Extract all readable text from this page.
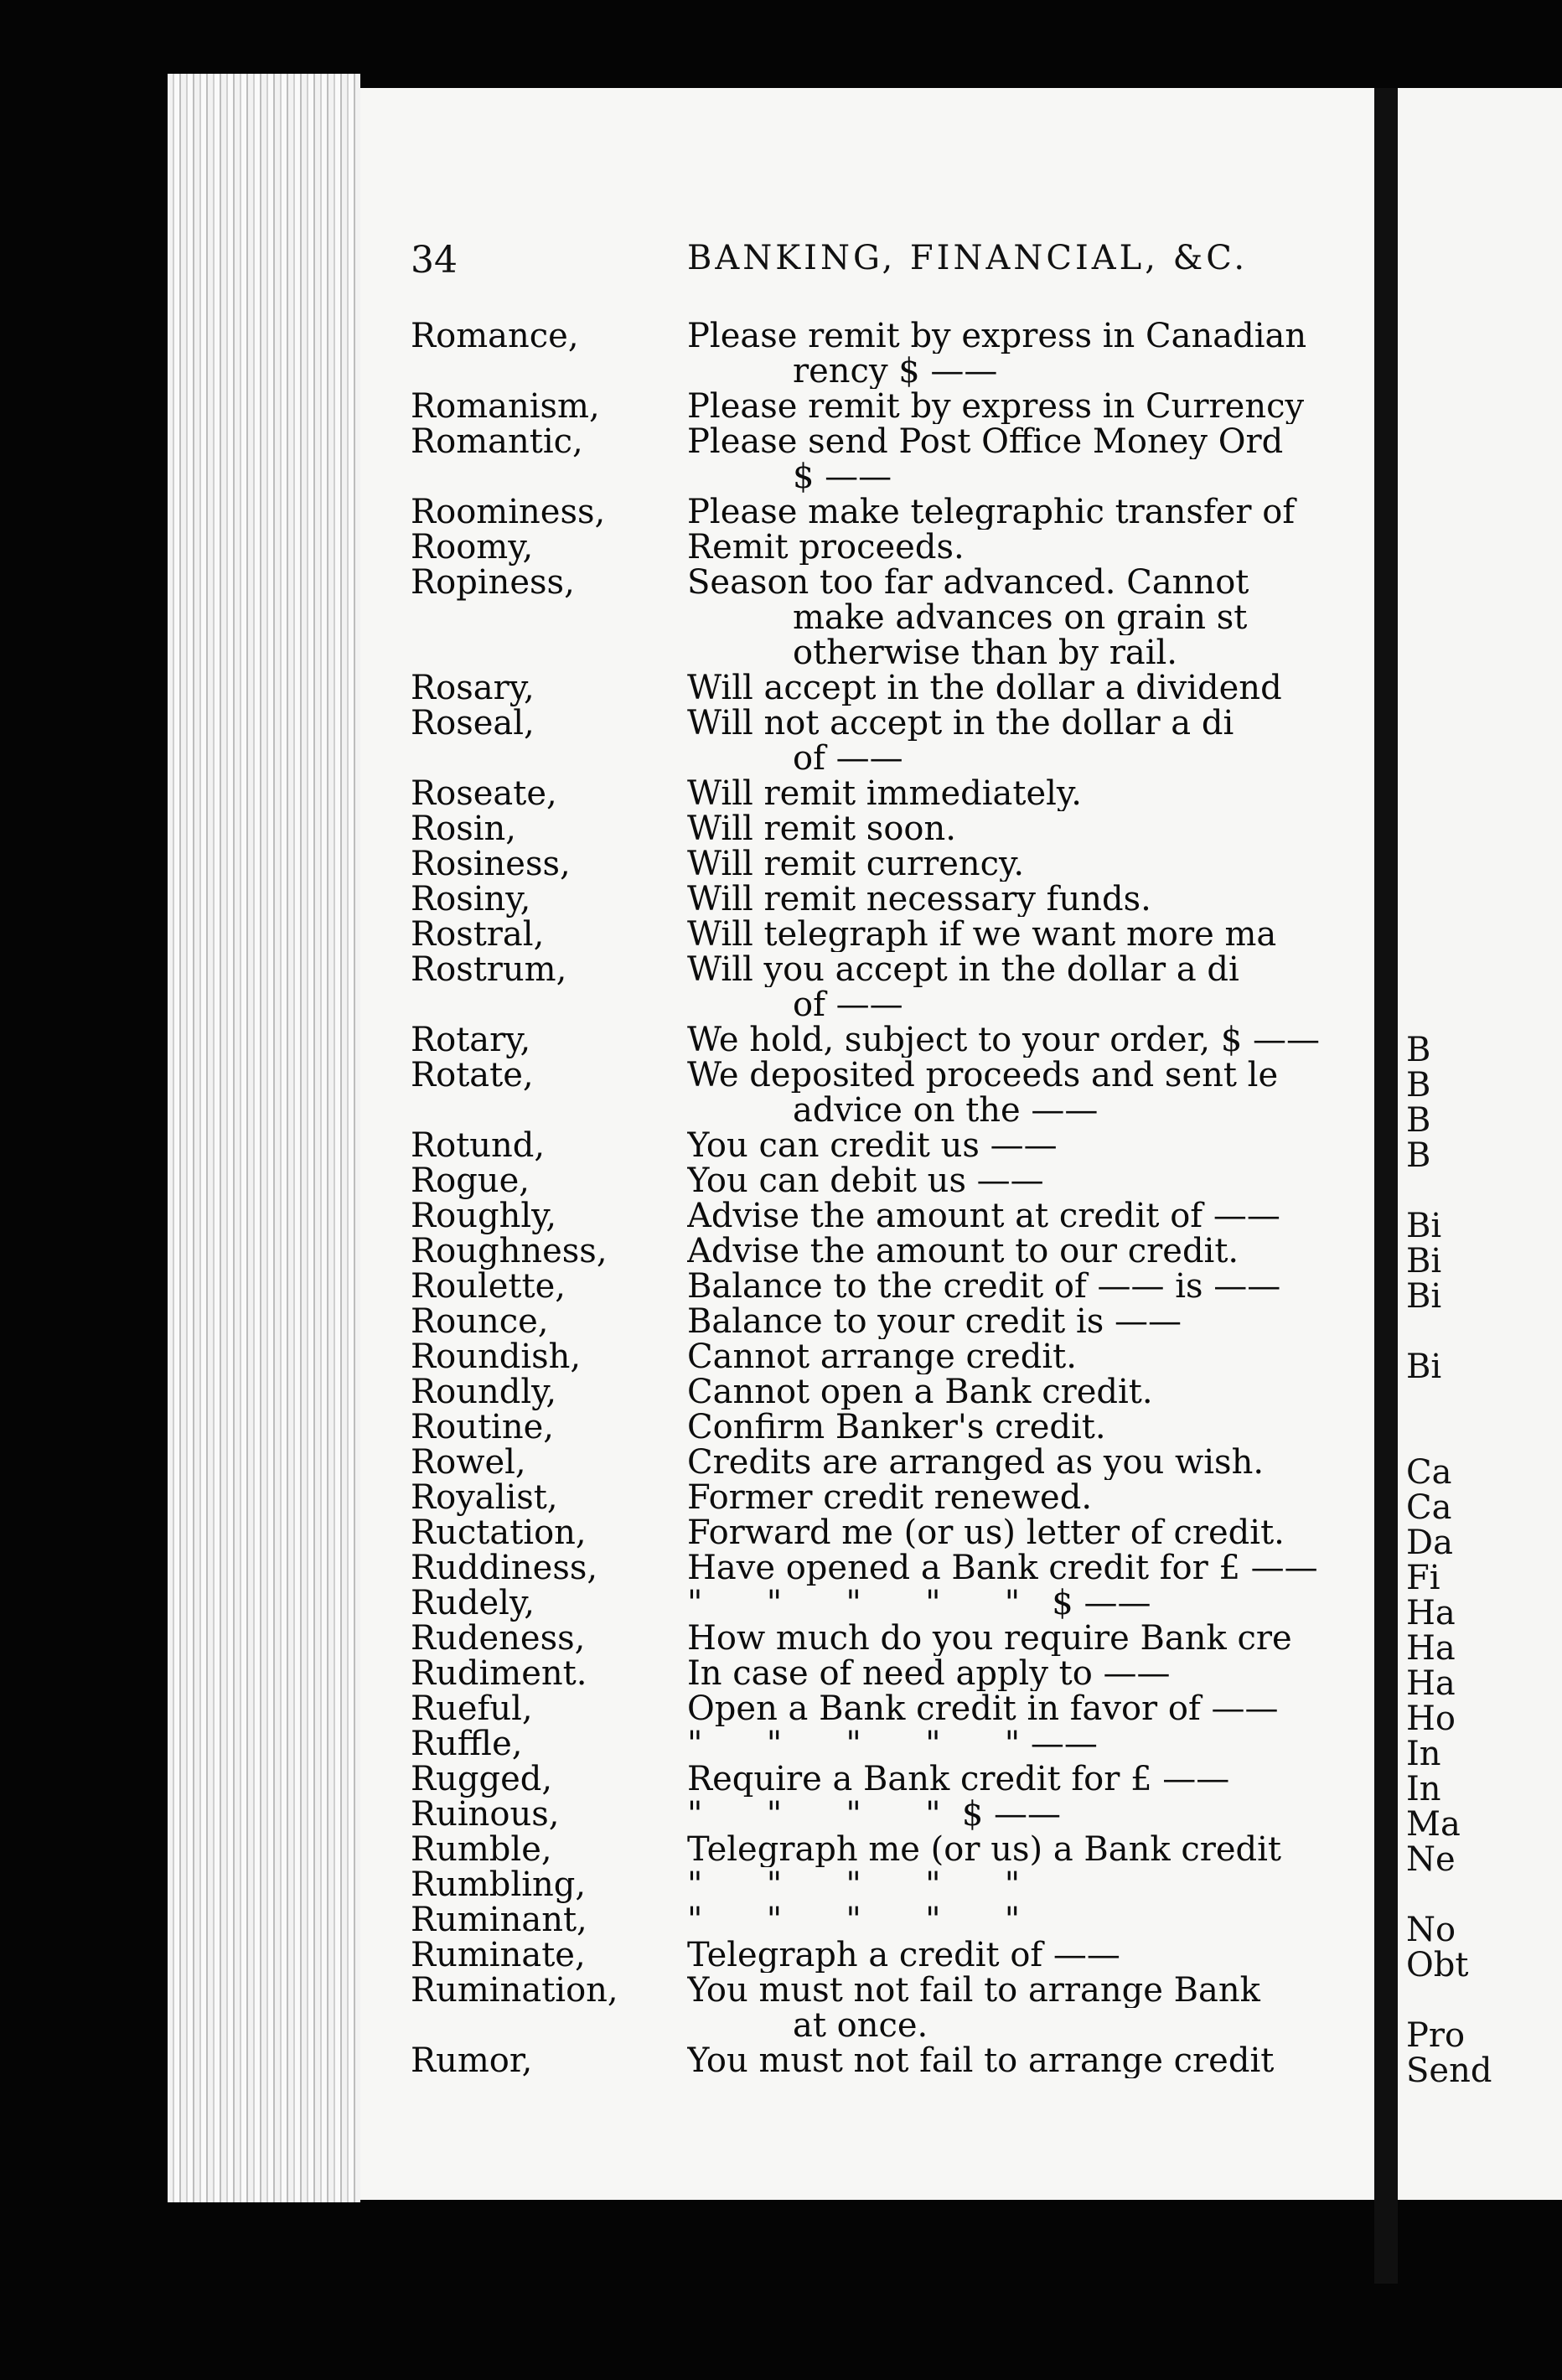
34	BANKING, FINANCIAL, &C.
Romance,	Please remit by express in Canadian
rency $ ——
Romanism,	Please remit by express in Currency
Romantic,	Please send Post Office Money Ord
$ ——
Roominess,	Please make telegraphic transfer of
Roomy,	Remit proceeds.
Ropiness,	Season too far advanced. Cannot
make advances on grain st
otherwise than by rail.
Rosary,	Will accept in the dollar a dividend
Roseal,	Will not accept in the dollar a di
of ——
Roseate,	Will remit immediately.
Rosin,	Will remit soon.
Rosiness,	Will remit currency.
Rosiny,	Will remit necessary funds.
Rostral,	Will telegraph if we want more ma
Rostrum,	Will you accept in the dollar a di
of ——
Rotary,	We hold, subject to your order, $ ——
Rotate,	We deposited proceeds and sent le
advice on the ——
Rotund,	You can credit us ——
Rogue,	You can debit us ——
Roughly,	Advise the amount at credit of ——
Roughness,	Advise the amount to our credit.
Roulette,	Balance to the credit of —— is ——
Rounce,	Balance to your credit is ——
Roundish,	Cannot arrange credit.
Roundly,	Cannot open a Bank credit.
Routine,	Confirm Banker's credit.
Rowel,	Credits are arranged as you wish.
Royalist,	Former credit renewed.
Ructation,	Forward me (or us) letter of credit.
Ruddiness,	Have opened a Bank credit for £ ——
Rudely,	"      "      "      "      "   $ ——
Rudeness,	How much do you require Bank cre
Rudiment.	In case of need apply to ——
Rueful,	Open a Bank credit in favor of ——
Ruffle,	"      "      "      "      " ——
Rugged,	Require a Bank credit for £ ——
Ruinous,	"      "      "      "  $ ——
Rumble,	Telegraph me (or us) a Bank credit
Rumbling,	"      "      "      "      "
Ruminant,	"      "      "      "      "
Ruminate,	Telegraph a credit of ——
Rumination,	You must not fail to arrange Bank
at once.
Rumor,	You must not fail to arrange credit
B
B
B
B
Bi
Bi
Bi
Bi
Ca
Ca
Da
Fi
Ha
Ha
Ha
Ho
In
In
Ma
Ne
No
Obt
Pro
Send
